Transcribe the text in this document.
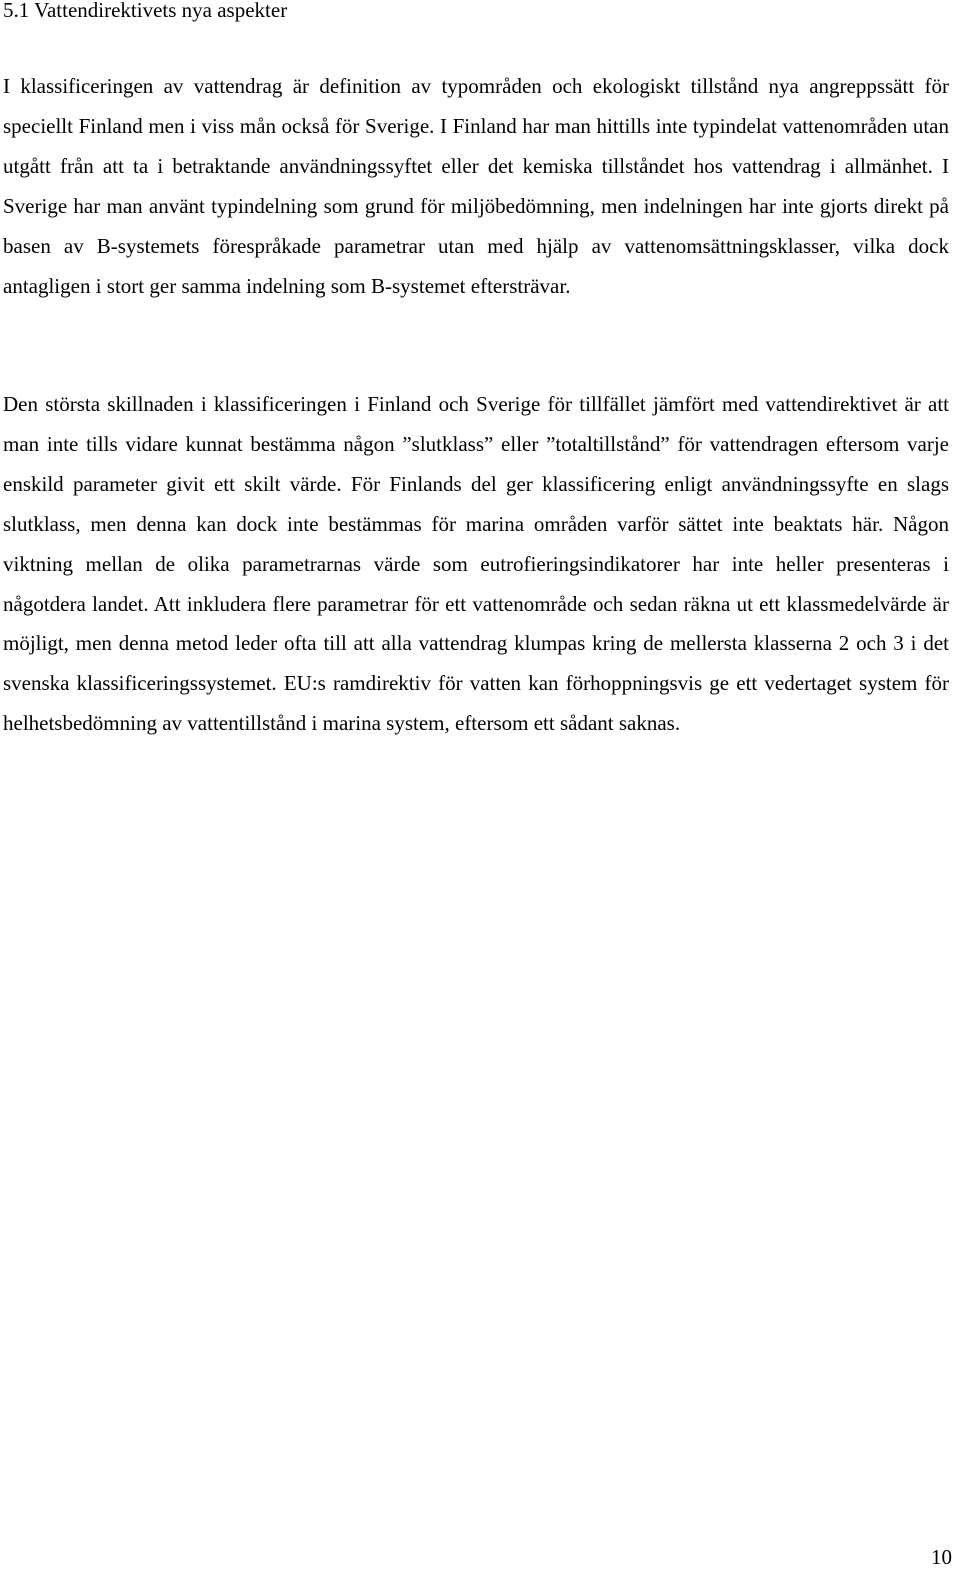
5.1 Vattendirektivets nya aspekter

I klassificeringen av vattendrag är definition av typområden och ekologiskt tillstånd nya angreppssätt för speciellt Finland men i viss mån också för Sverige. I Finland har man hittills inte typindelat vattenområden utan utgått från att ta i betraktande användningssyftet eller det kemiska tillståndet hos vattendrag i allmänhet. I Sverige har man använt typindelning som grund för miljöbedömning, men indelningen har inte gjorts direkt på basen av B-systemets förespråkade parametrar utan med hjälp av vattenomsättningsklasser, vilka dock antagligen i stort ger samma indelning som B-systemet eftersträvar.

Den största skillnaden i klassificeringen i Finland och Sverige för tillfället jämfört med vattendirektivet är att man inte tills vidare kunnat bestämma någon ”slutklass” eller ”totaltillstånd” för vattendragen eftersom varje enskild parameter givit ett skilt värde. För Finlands del ger klassificering enligt användningssyfte en slags slutklass, men denna kan dock inte bestämmas för marina områden varför sättet inte beaktats här. Någon viktning mellan de olika parametrarnas värde som eutrofieringsindikatorer har inte heller presenteras i någotdera landet. Att inkludera flere parametrar för ett vattenområde och sedan räkna ut ett klassmedelvärde är möjligt, men denna metod leder ofta till att alla vattendrag klumpas kring de mellersta klasserna 2 och 3 i det svenska klassificeringssystemet. EU:s ramdirektiv för vatten kan förhoppningsvis ge ett vedertaget system för helhetsbedömning av vattentillstånd i marina system, eftersom ett sådant saknas.

10
